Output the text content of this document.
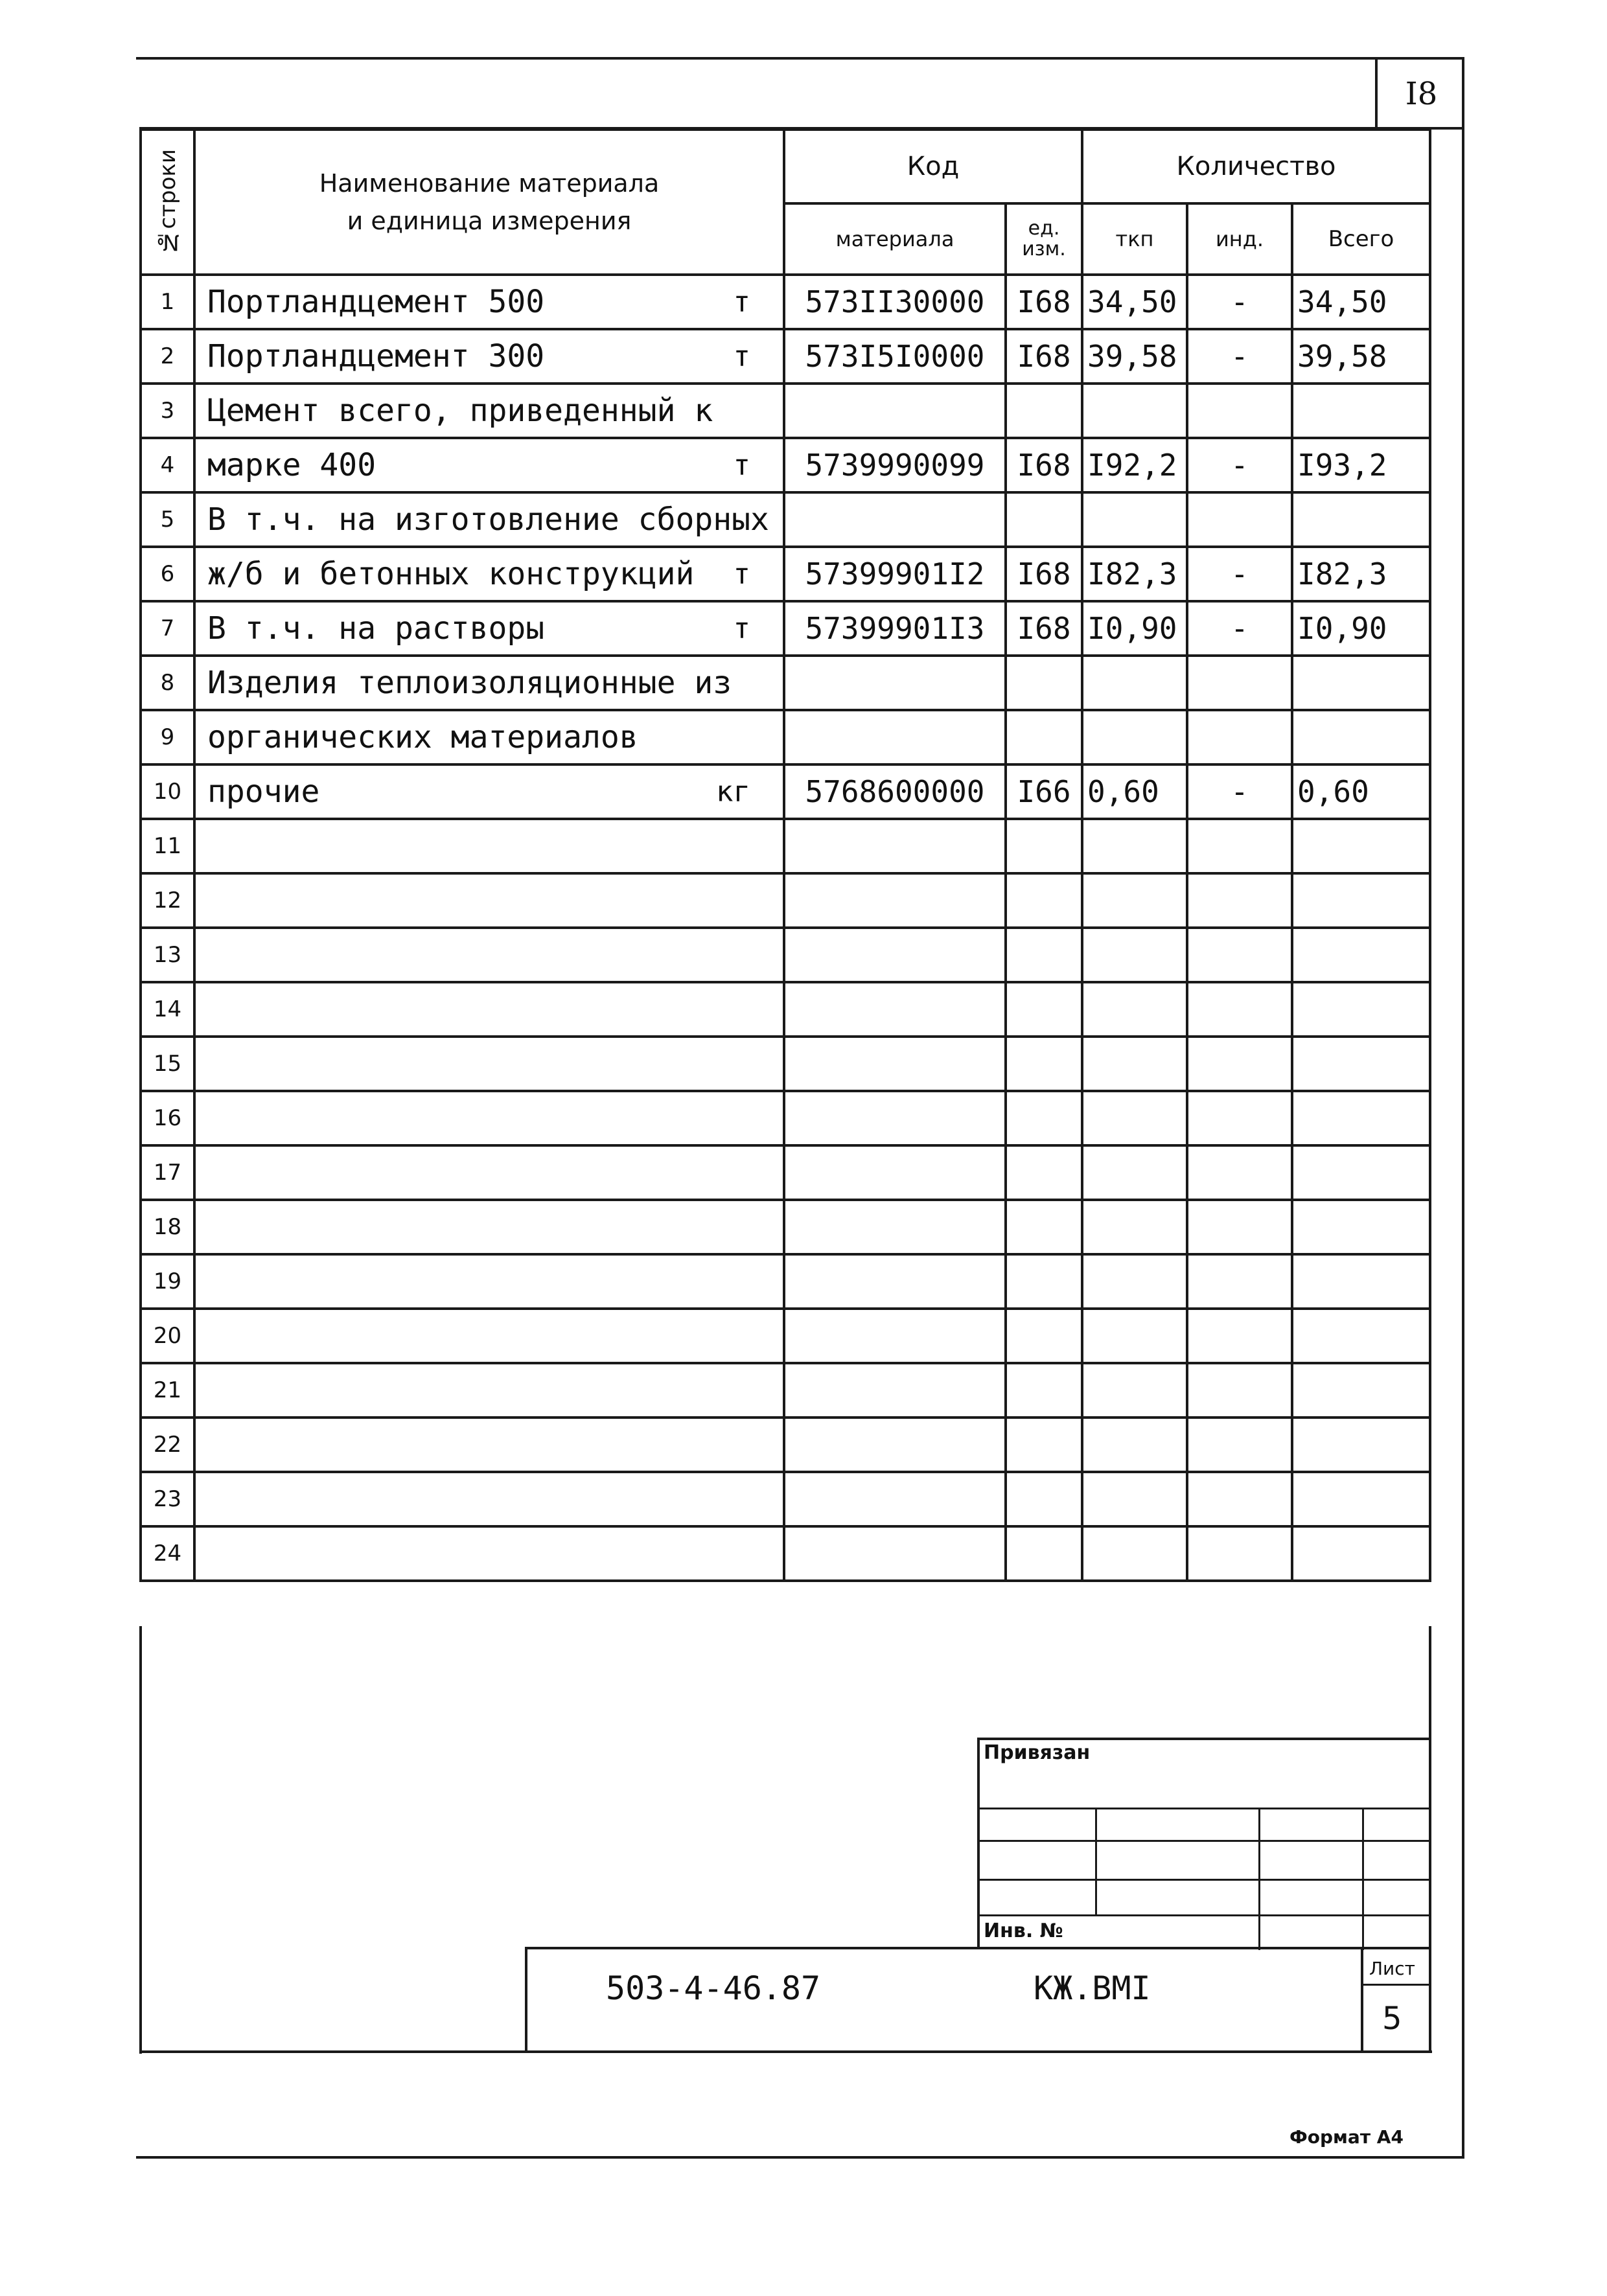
I8
№строки	Наименование материала
и единица измерения	Код		Количество		
		материала	ед. изм.	ткп	инд.	Всего
1	Портландцемент 500 т	573II30000	I68	34,50	-	34,50
2	Портландцемент 300 т	573I5I0000	I68	39,58	-	39,58
3	Цемент всего, приведенный к

4	марке 400 т	5739990099	I68	I92,2	-	I93,2
5	В т.ч. на изготовление сборных

6	ж/б и бетонных конструкций т	57399901I2	I68	I82,3	-	I82,3
7	В т.ч. на растворы т	57399901I3	I68	I0,90	-	I0,90
8	Изделия теплоизоляционные из

9	органических материалов

10	прочие кг	5768600000	I66	0,60	-	0,60
11	

12	

13	

14	

15	

16	

17	

18	

19	

20	

21	

22	

23	

24	

Привязан
Инв. №
503-4-46.87	КЖ.ВМI
Лист
5
Формат А4
